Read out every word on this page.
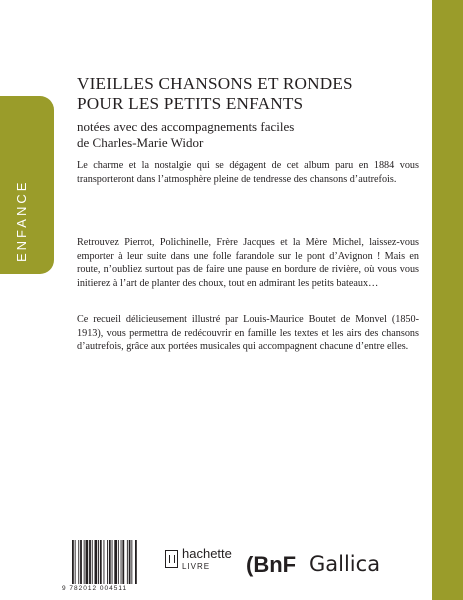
ENFANCE
VIEILLES CHANSONS ET RONDES
POUR LES PETITS ENFANTS
notées avec des accompagnements faciles
de Charles-Marie Widor

Le charme et la nostalgie qui se dégagent de cet album paru en 1884 vous transporteront dans l’atmosphère pleine de tendresse des chansons d’autrefois.

Retrouvez Pierrot, Polichinelle, Frère Jacques et la Mère Michel, laissez-vous emporter à leur suite dans une folle farandole sur le pont d’Avignon ! Mais en route, n’oubliez surtout pas de faire une pause en bordure de rivière, où vous vous initierez à l’art de planter des choux, tout en admirant les petits bateaux…

Ce recueil délicieusement illustré par Louis-Maurice Boutet de Monvel (1850-1913), vous permettra de redécouvrir en famille les textes et les airs des chansons d’autrefois, grâce aux portées musicales qui accompagnent chacune d’entre elles.

9 782012 004511
hachette
LIVRE (BnF Gallica
